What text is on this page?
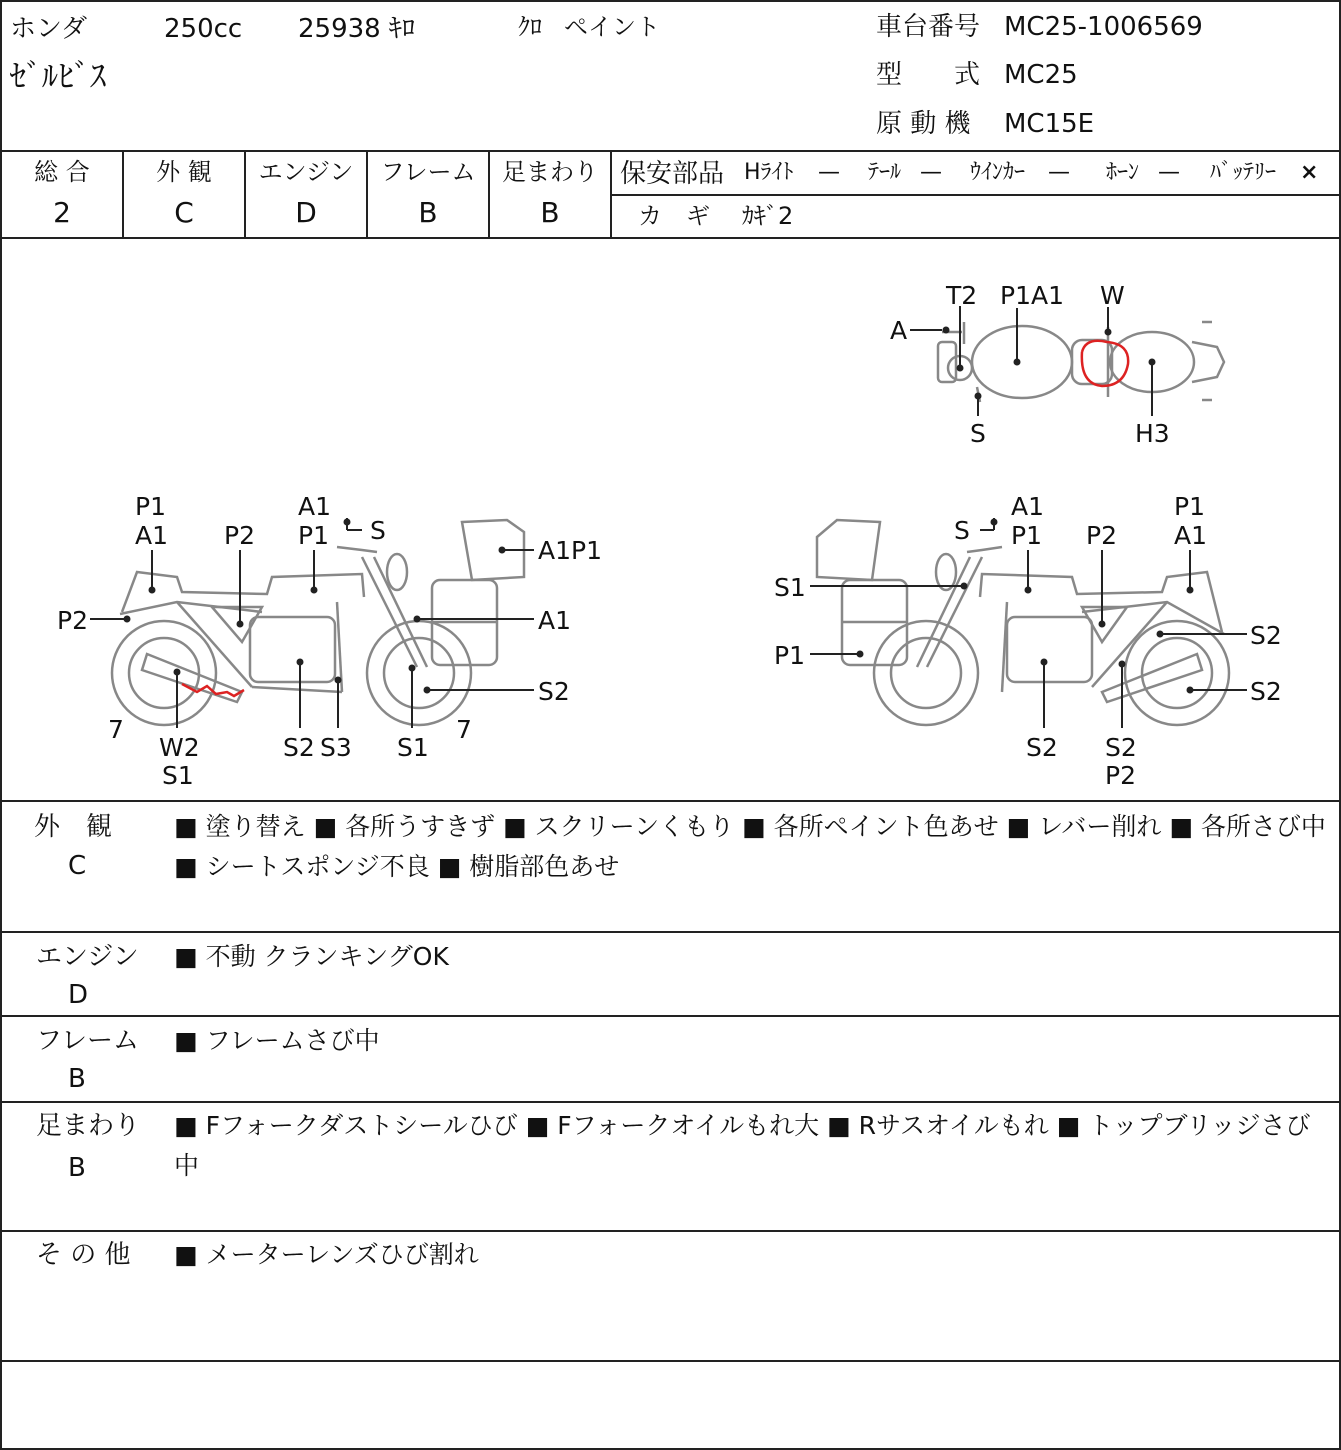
ホンダ	250cc 25938 ｷﾛ	ｸﾛ ペイント
ｾﾞﾙﾋﾞｽ
車台番号 MC25-1006569
型　　式 MC25
原 動 機 MC15E
総 合
2
外 観
C
エンジン
D
フレーム
B
足まわり
B
保安部品 Hﾗｲﾄ — ﾃｰﾙ — ｳｲﾝｶｰ — ﾎｰﾝ — ﾊﾞｯﾃﾘｰ ×
カ　ギ ｶｷﾞ2
T2 P1A1 W
A
S	H3
P1
A1 P2
A1
P1 S
A1P1
P2	A1
S2
7
W2
S1
S2 S3 S1
7
A1
P1
S	P2
P1
A1
S1
S2
P1
S2
S2 S2
P2
外　観
C
■ 塗り替え ■ 各所うすきず ■ スクリーンくもり ■ 各所ペイント色あせ ■ レバー削れ ■ 各所さび中 ■ シートスポンジ不良 ■ 樹脂部色あせ
エンジン
D
■ 不動 クランキングOK
フレーム
B
■ フレームさび中
足まわり
B
■ Fフォークダストシールひび ■ Fフォークオイルもれ大 ■ Rサスオイルもれ ■ トップブリッジさび中
そ の 他 ■ メーターレンズひび割れ
